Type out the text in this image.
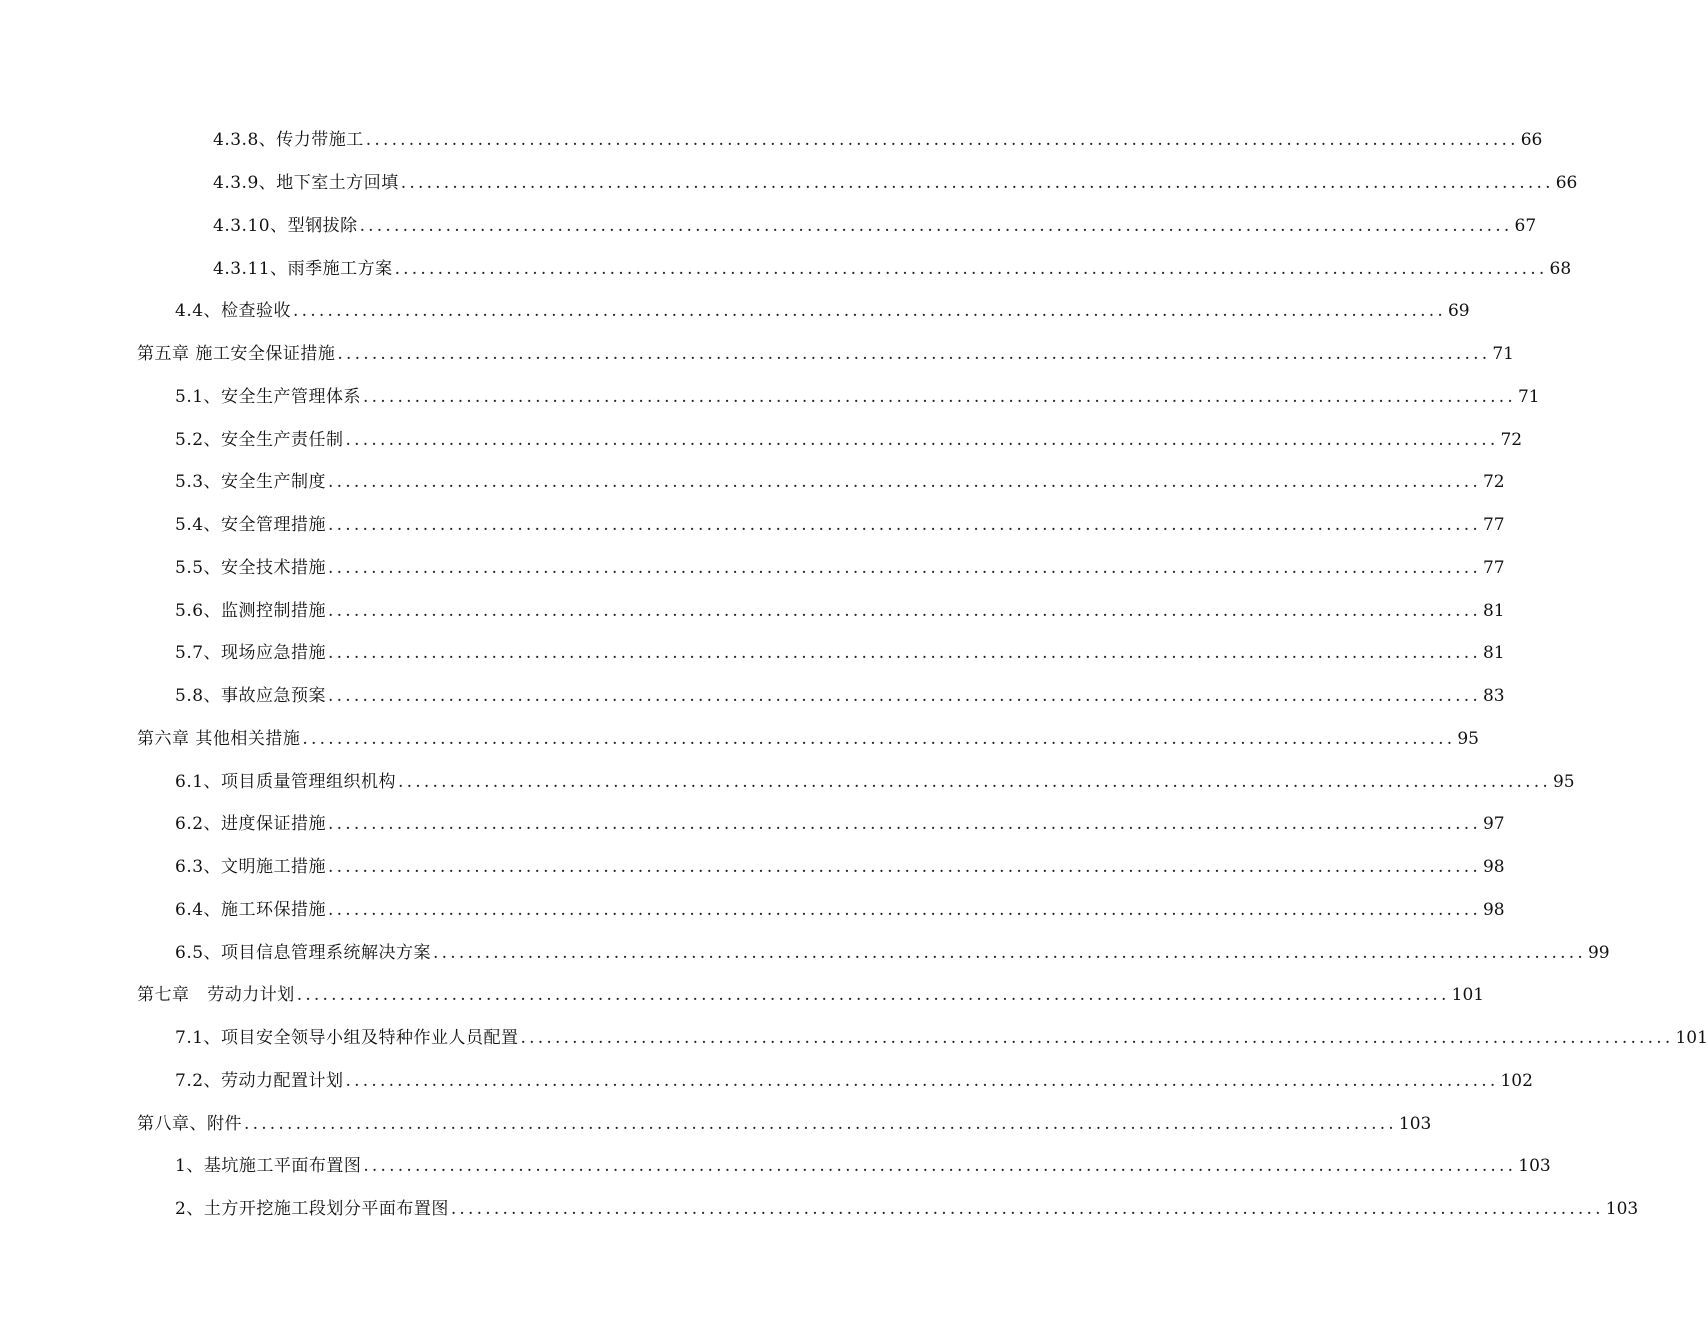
4.3.8、传力带施工 ...................................................................................................................................... 66
4.3.9、地下室土方回填 ...................................................................................................................................... 66
4.3.10、型钢拔除 ...................................................................................................................................... 67
4.3.11、雨季施工方案 ...................................................................................................................................... 68
4.4、检查验收 ...................................................................................................................................... 69
第五章 施工安全保证措施 ...................................................................................................................................... 71
5.1、安全生产管理体系 ...................................................................................................................................... 71
5.2、安全生产责任制 ...................................................................................................................................... 72
5.3、安全生产制度 ...................................................................................................................................... 72
5.4、安全管理措施 ...................................................................................................................................... 77
5.5、安全技术措施 ...................................................................................................................................... 77
5.6、监测控制措施 ...................................................................................................................................... 81
5.7、现场应急措施 ...................................................................................................................................... 81
5.8、事故应急预案 ...................................................................................................................................... 83
第六章 其他相关措施 ...................................................................................................................................... 95
6.1、项目质量管理组织机构 ...................................................................................................................................... 95
6.2、进度保证措施 ...................................................................................................................................... 97
6.3、文明施工措施 ...................................................................................................................................... 98
6.4、施工环保措施 ...................................................................................................................................... 98
6.5、项目信息管理系统解决方案 ...................................................................................................................................... 99
第七章   劳动力计划 ...................................................................................................................................... 101
7.1、项目安全领导小组及特种作业人员配置 ...................................................................................................................................... 101
7.2、劳动力配置计划 ...................................................................................................................................... 102
第八章、附件 ...................................................................................................................................... 103
1、基坑施工平面布置图 ...................................................................................................................................... 103
2、土方开挖施工段划分平面布置图 ...................................................................................................................................... 103
